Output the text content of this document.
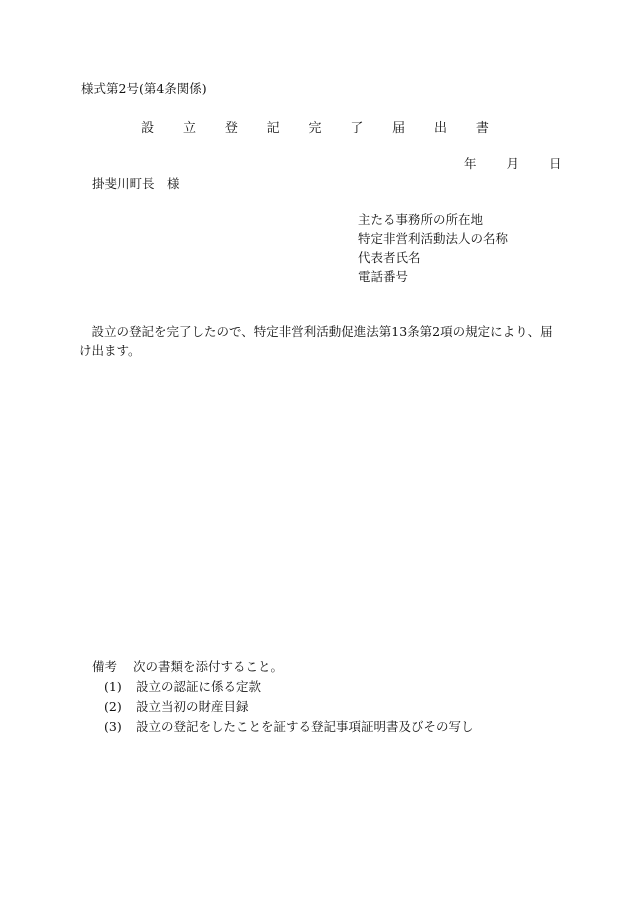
様式第2号(第4条関係)
設 立 登 記 完 了 届 出 書
年 月 日
掛斐川町長　様
主たる事務所の所在地
特定非営利活動法人の名称
代表者氏名
電話番号
設立の登記を完了したので、特定非営利活動促進法第13条第2項の規定により、届け出ます。
備考 次の書類を添付すること。
(1) 設立の認証に係る定款
(2) 設立当初の財産目録
(3) 設立の登記をしたことを証する登記事項証明書及びその写し
